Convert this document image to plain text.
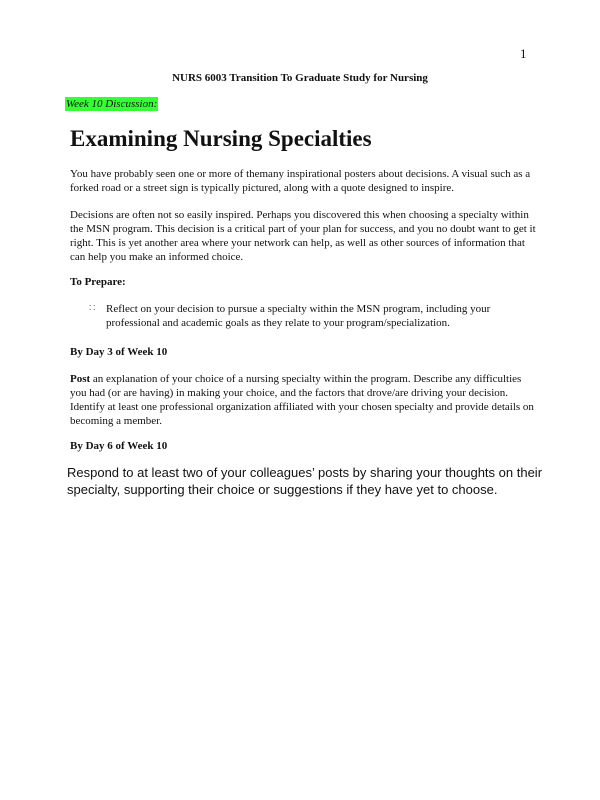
1
NURS 6003 Transition To Graduate Study for Nursing
Week 10 Discussion:
Examining Nursing Specialties

You have probably seen one or more of themany inspirational posters about decisions. A visual such as a forked road or a street sign is typically pictured, along with a quote designed to inspire.

Decisions are often not so easily inspired. Perhaps you discovered this when choosing a specialty within the MSN program. This decision is a critical part of your plan for success, and you no doubt want to get it right. This is yet another area where your network can help, as well as other sources of information that can help you make an informed choice.

To Prepare:

∷ Reflect on your decision to pursue a specialty within the MSN program, including your professional and academic goals as they relate to your program/specialization.

By Day 3 of Week 10

Post an explanation of your choice of a nursing specialty within the program. Describe any difficulties you had (or are having) in making your choice, and the factors that drove/are driving your decision. Identify at least one professional organization affiliated with your chosen specialty and provide details on becoming a member.

By Day 6 of Week 10

Respond to at least two of your colleagues’ posts by sharing your thoughts on their specialty, supporting their choice or suggestions if they have yet to choose.
